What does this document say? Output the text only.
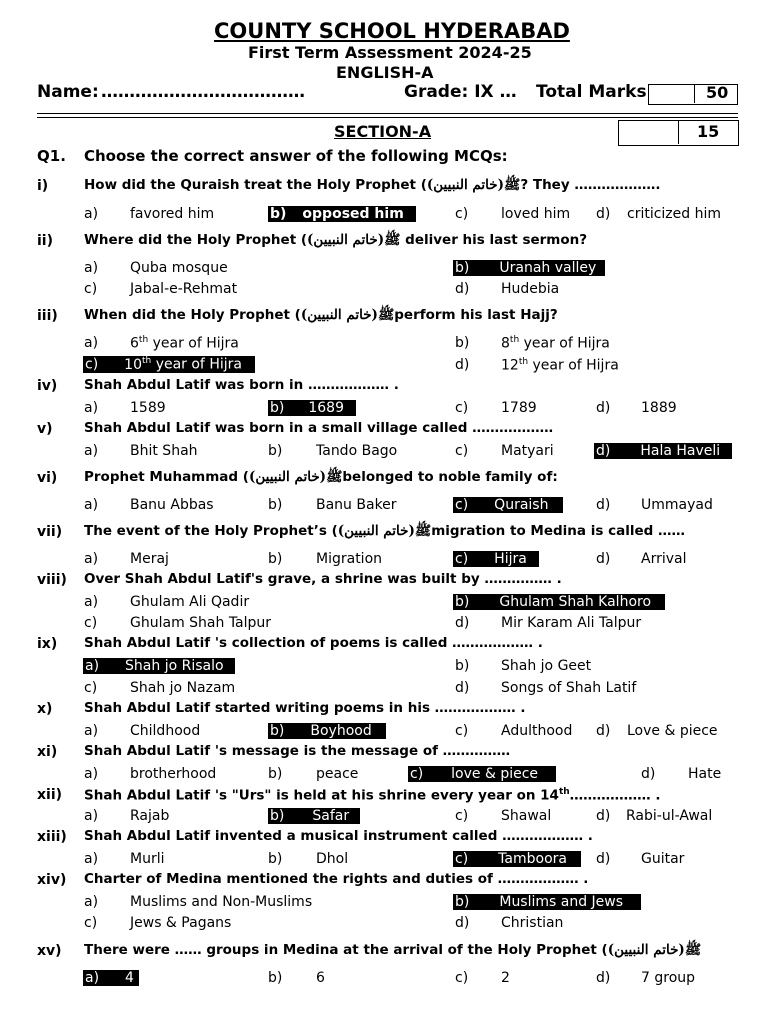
COUNTY SCHOOL HYDERABAD
First Term Assessment 2024-25
ENGLISH-A
Name: ………………………………	Grade: IX … Total Marks	50
SECTION-A	15
Q1. Choose the correct answer of the following MCQs:
i)	How did the Quraish treat the Holy Prophet (	ﷺ(خاتم النبیین) ? They ……………….
a) favored him	b) opposed him	c) loved him d) criticized him
ii) Where did the Holy Prophet (	ﷺ(خاتم النبیین) deliver his last sermon?
a) Quba mosque	b) Uranah valley
c) Jabal-e-Rehmat	d) Hudebia
iii) When did the Holy Prophet (	ﷺ(خاتم النبیین) perform his last Hajj?
a) 6th year of Hijra	b) 8th year of Hijra
c) 10th year of Hijra	d) 12th year of Hijra
iv) Shah Abdul Latif was born in ……………… .
a) 1589	b) 1689	c) 1789	d) 1889
v) Shah Abdul Latif was born in a small village called ………………
a) Bhit Shah	b) Tando Bago	c) Matyari	d) Hala Haveli
vi) Prophet Muhammad (	ﷺ(خاتم النبیین) belonged to noble family of:
a) Banu Abbas	b) Banu Baker	c) Quraish	d) Ummayad
vii) The event of the Holy Prophet’s (	ﷺ(خاتم النبیین) migration to Medina is called ……
a) Meraj	b) Migration	c) Hijra	d) Arrival
viii) Over Shah Abdul Latif's grave, a shrine was built by …………… .
a) Ghulam Ali Qadir	b) Ghulam Shah Kalhoro
c) Ghulam Shah Talpur	d) Mir Karam Ali Talpur
ix) Shah Abdul Latif 's collection of poems is called ……………… .
a) Shah jo Risalo	b) Shah jo Geet
c) Shah jo Nazam	d) Songs of Shah Latif
x) Shah Abdul Latif started writing poems in his ……………… .
a) Childhood	b) Boyhood	c) Adulthood d) Love & piece
xi) Shah Abdul Latif 's message is the message of ……………
a) brotherhood	b) peace	c) love & piece	d) Hate
xii) Shah Abdul Latif 's "Urs" is held at his shrine every year on 14th……………… .
a) Rajab	b) Safar	c) Shawal	d) Rabi-ul-Awal
xiii) Shah Abdul Latif invented a musical instrument called ……………… .
a) Murli	b) Dhol	c) Tamboora	d) Guitar
xiv) Charter of Medina mentioned the rights and duties of ……………… .
a) Muslims and Non-Muslims	b) Muslims and Jews
c) Jews & Pagans	d) Christian
xv) There were …… groups in Medina at the arrival of the Holy Prophet (	ﷺ(خاتم النبیین)
a) 4	b) 6	c) 2	d) 7 group
